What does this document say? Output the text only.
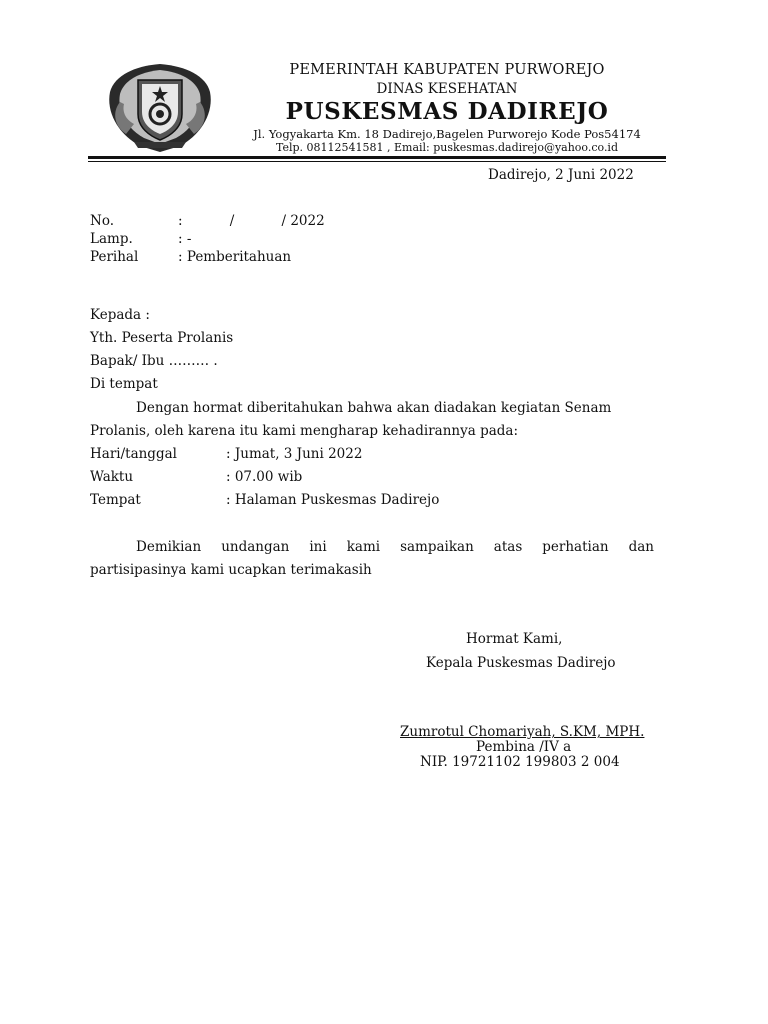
PEMERINTAH KABUPATEN PURWOREJO
DINAS KESEHATAN
PUSKESMAS DADIREJO
Jl. Yogyakarta Km. 18 Dadirejo,Bagelen Purworejo Kode Pos54174
Telp. 08112541581 , Email: puskesmas.dadirejo@yahoo.co.id
Dadirejo, 2 Juni 2022
No.	:           /           / 2022
Lamp.	: -
Perihal	: Pemberitahuan
Kepada :
Yth. Peserta Prolanis
Bapak/ Ibu ……… .
Di tempat
Dengan hormat diberitahukan bahwa akan diadakan kegiatan Senam
Prolanis, oleh karena itu kami mengharap kehadirannya pada:
Hari/tanggal	: Jumat, 3 Juni 2022
Waktu	: 07.00 wib
Tempat	: Halaman Puskesmas Dadirejo
Demikian undangan ini kami sampaikan atas perhatian dan
partisipasinya kami ucapkan terimakasih
Hormat Kami,
Kepala Puskesmas Dadirejo
Zumrotul Chomariyah, S.KM, MPH.
Pembina /IV a
NIP. 19721102 199803 2 004
